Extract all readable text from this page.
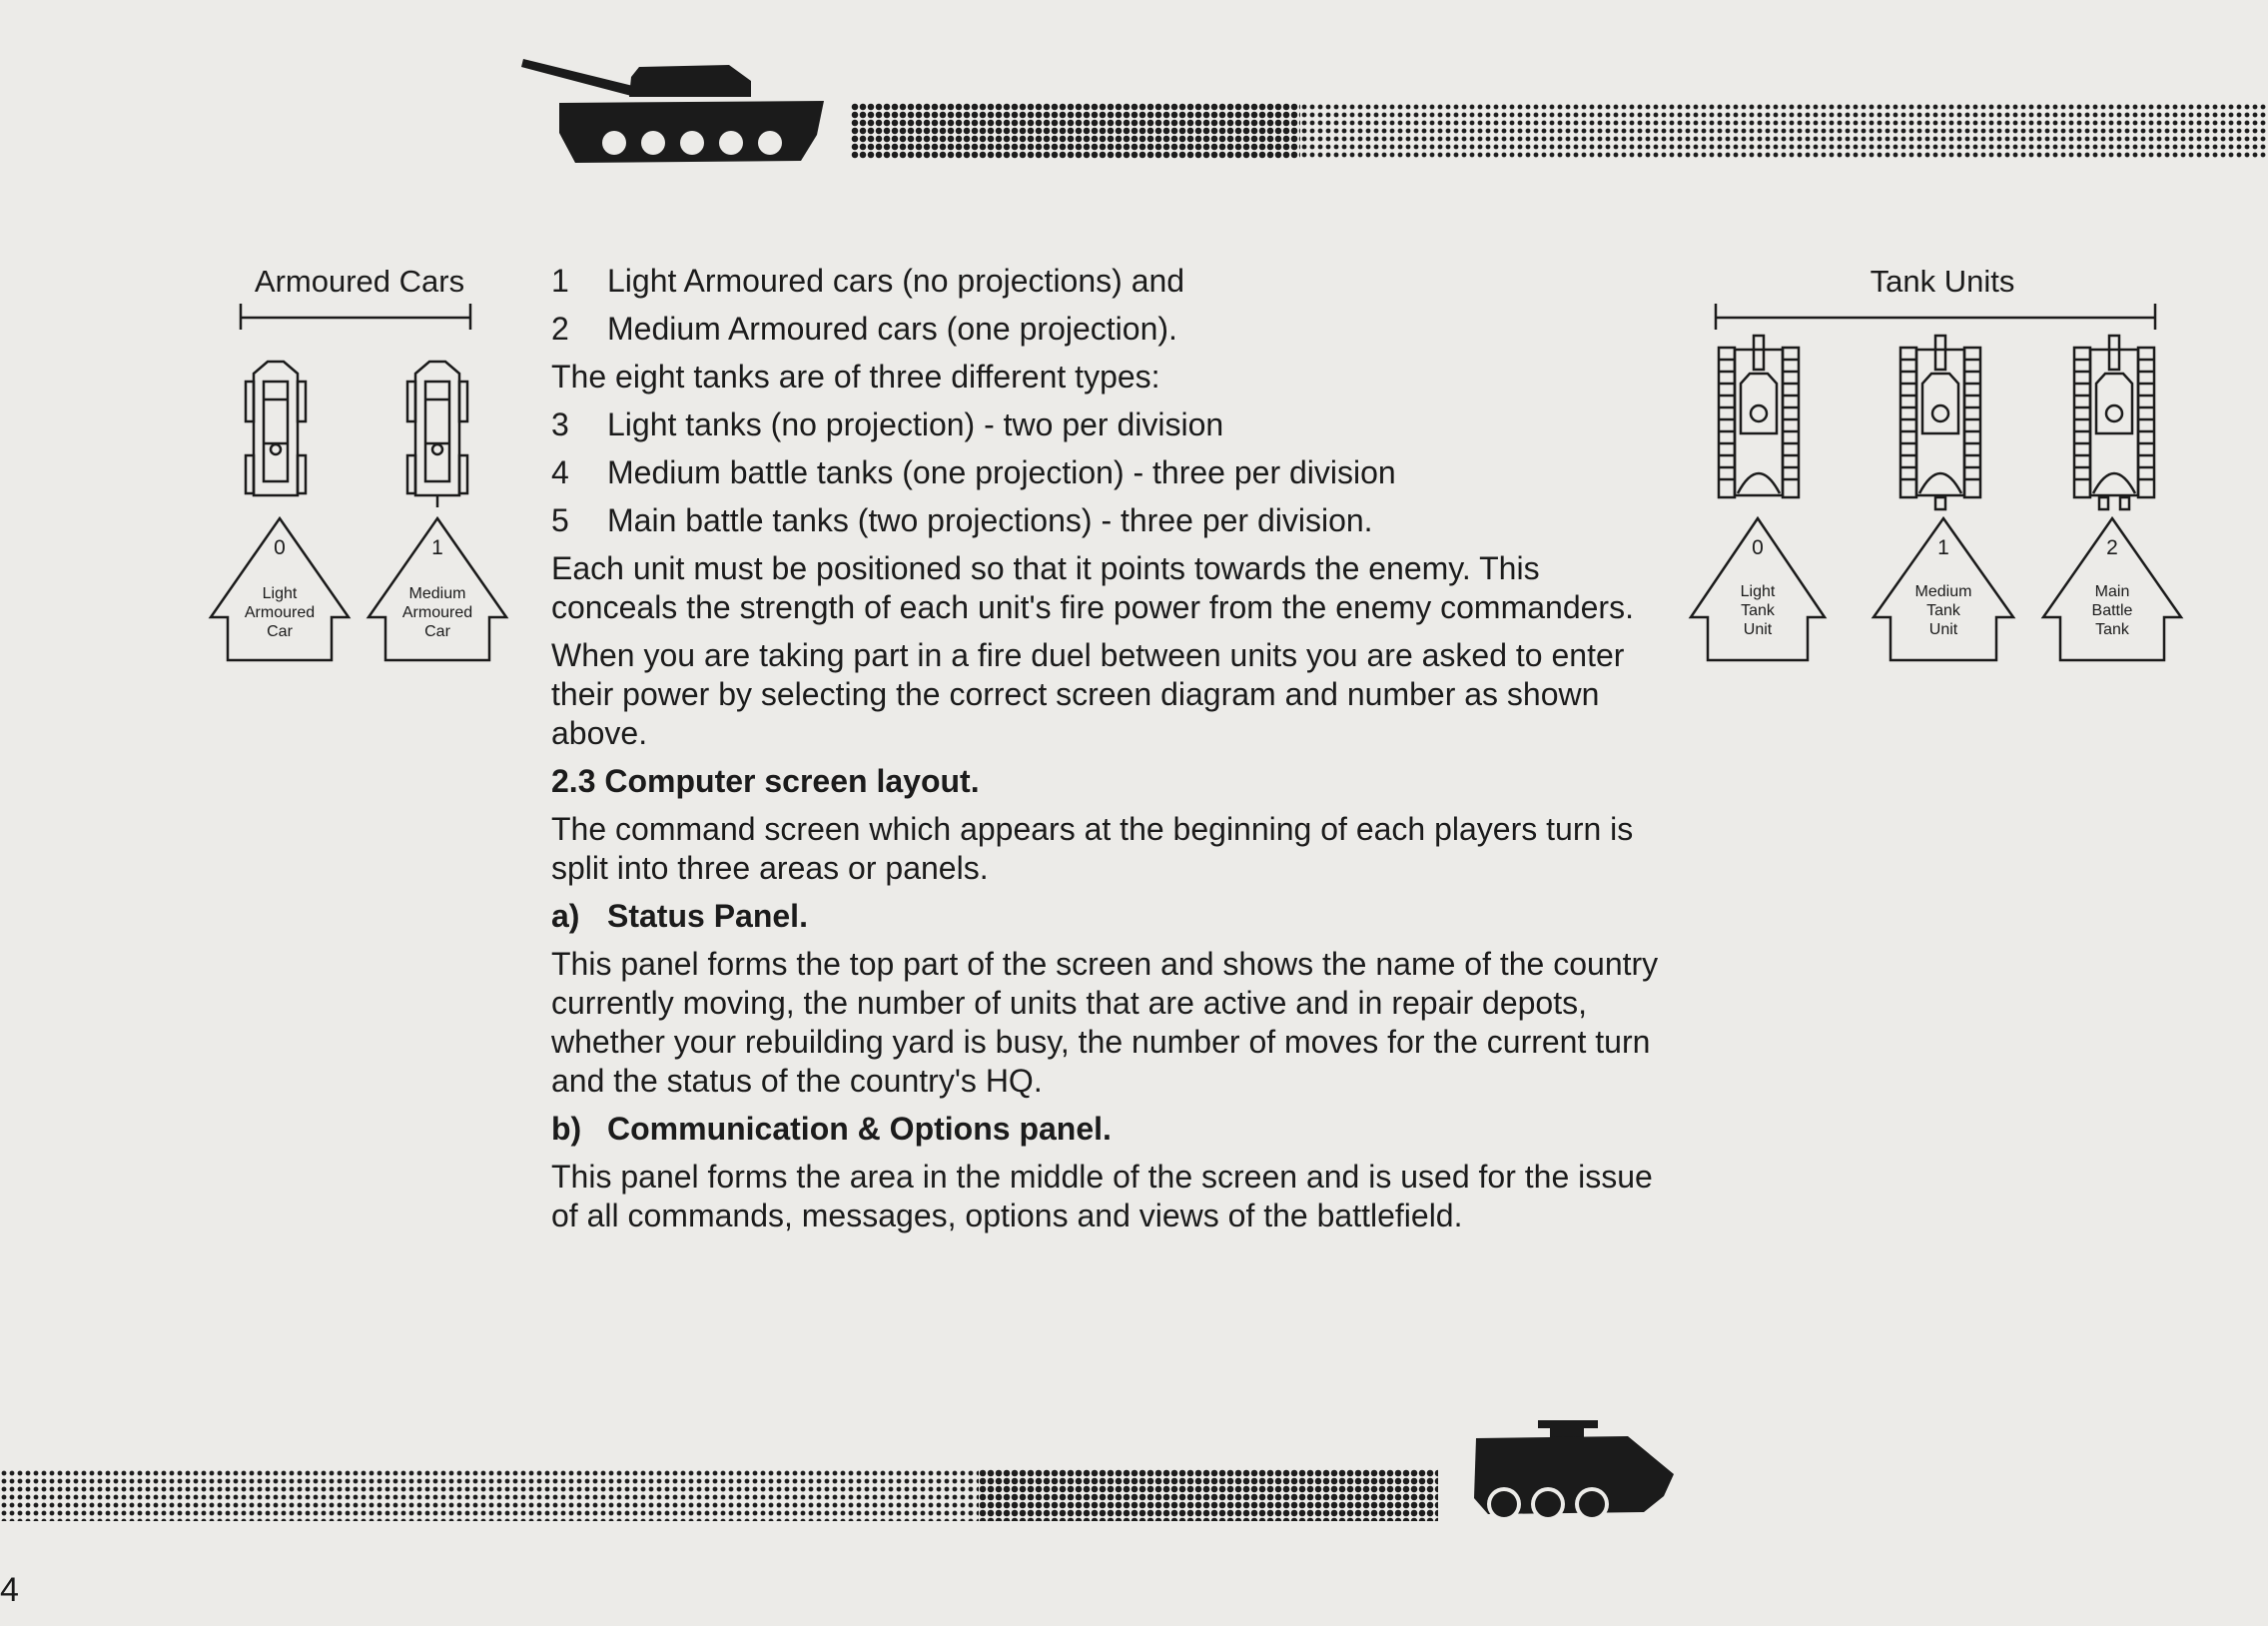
Armoured Cars
0
Light
Armoured
Car
1
Medium
Armoured
Car
Tank Units
0
Light
Tank
Unit
1
Medium
Tank
Unit
2
Main
Battle
Tank
1	Light Armoured cars (no projections) and
2	Medium Armoured cars (one projection).

The eight tanks are of three different types:

3	Light tanks (no projection) - two per division
4	Medium battle tanks (one projection) - three per division
5	Main battle tanks (two projections) - three per division.

Each unit must be positioned so that it points towards the enemy. This conceals the strength of each unit's fire power from the enemy commanders.

When you are taking part in a fire duel between units you are asked to enter their power by selecting the correct screen diagram and number as shown above.

2.3 Computer screen layout.

The command screen which appears at the beginning of each players turn is split into three areas or panels.

a) Status Panel.

This panel forms the top part of the screen and shows the name of the country currently moving, the number of units that are active and in repair depots, whether your rebuilding yard is busy, the number of moves for the current turn and the status of the country's HQ.

b) Communication & Options panel.

This panel forms the area in the middle of the screen and is used for the issue of all commands, messages, options and views of the battlefield.

4
